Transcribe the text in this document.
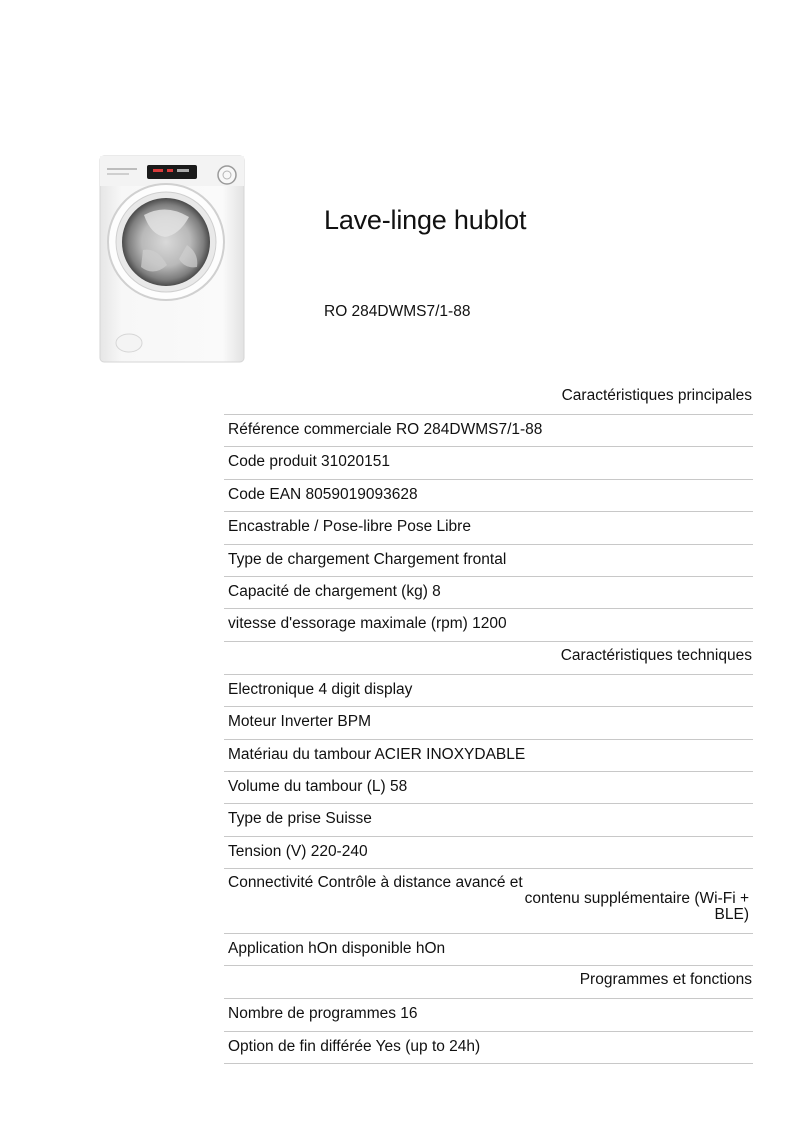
Lave-linge hublot
RO 284DWMS7/1-88
Caractéristiques principales
Référence commerciale RO 284DWMS7/1-88
Code produit 31020151
Code EAN 8059019093628
Encastrable / Pose-libre Pose Libre
Type de chargement Chargement frontal
Capacité de chargement (kg) 8
vitesse d'essorage maximale (rpm) 1200
Caractéristiques techniques
Electronique 4 digit display
Moteur Inverter BPM
Matériau du tambour ACIER INOXYDABLE
Volume du tambour (L) 58
Type de prise Suisse
Tension (V) 220-240
Connectivité Contrôle à distance avancé et
contenu supplémentaire (Wi-Fi +
BLE)
Application hOn disponible hOn
Programmes et fonctions
Nombre de programmes 16
Option de fin différée Yes (up to 24h)
